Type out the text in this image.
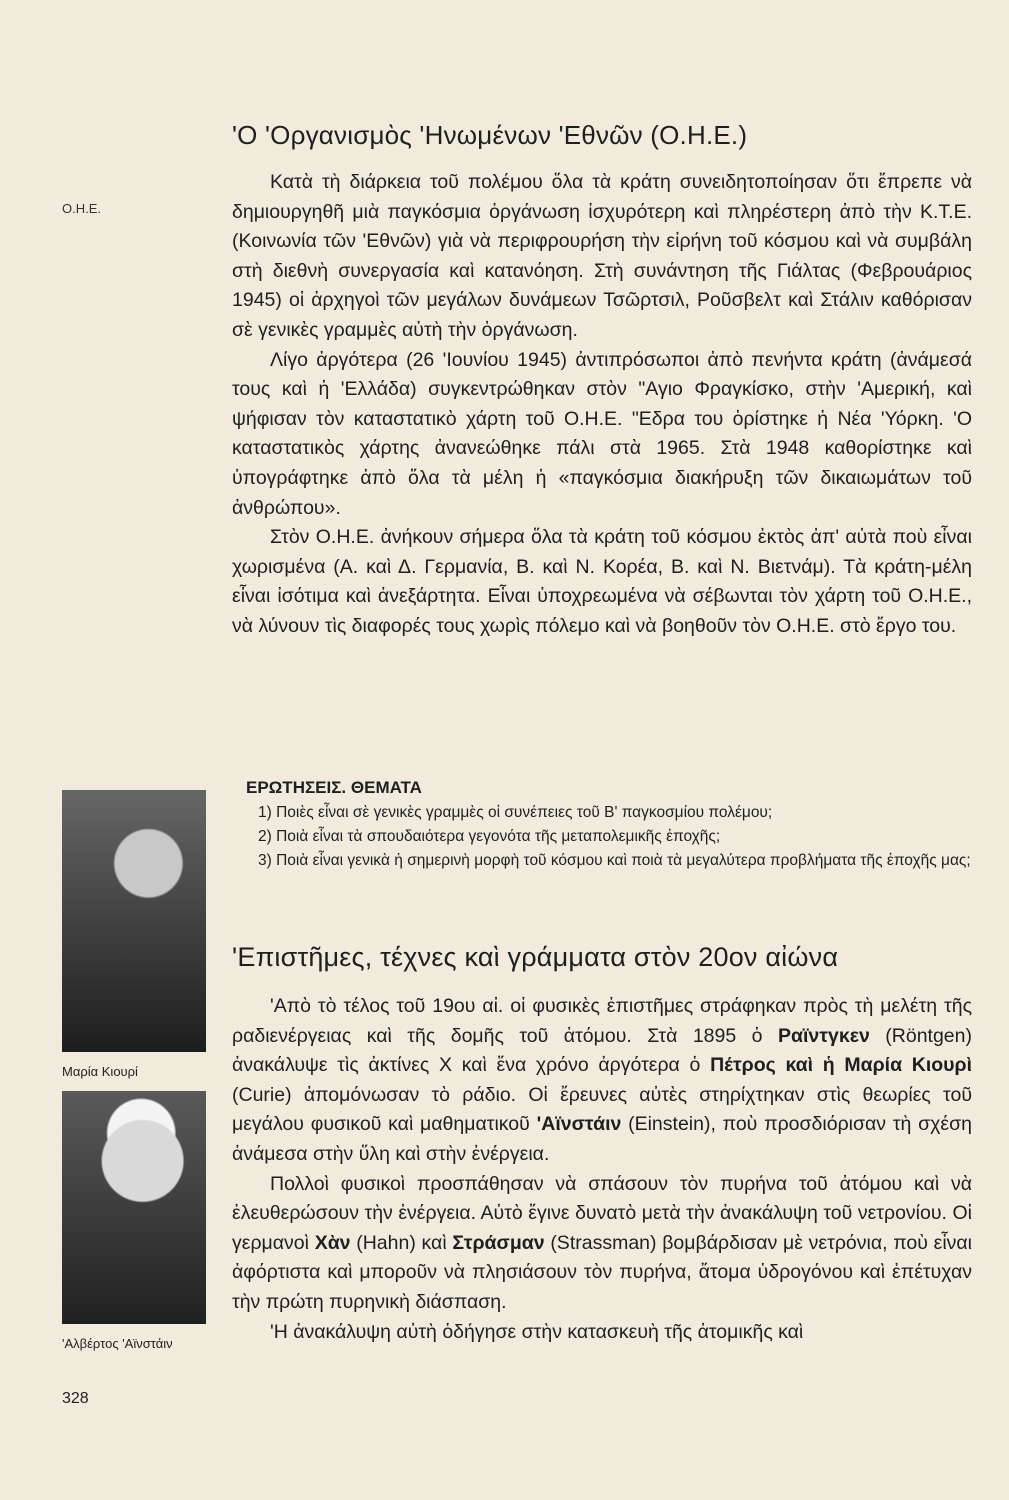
Ο.Η.Ε.
'Ο 'Οργανισμὸς 'Ηνωμένων 'Εθνῶν (Ο.Η.Ε.)

Κατὰ τὴ διάρκεια τοῦ πολέμου ὅλα τὰ κράτη συνειδητοποίησαν ὅτι ἔπρεπε νὰ δημιουργηθῆ μιὰ παγκόσμια ὀργάνωση ἰσχυρότερη καὶ πληρέστερη ἀπὸ τὴν Κ.Τ.Ε. (Κοινωνία τῶν 'Εθνῶν) γιὰ νὰ περιφρουρήση τὴν εἰρήνη τοῦ κόσμου καὶ νὰ συμβάλη στὴ διεθνὴ συνεργασία καὶ κατανόηση. Στὴ συνάντηση τῆς Γιάλτας (Φεβρουάριος 1945) οἱ ἀρχηγοὶ τῶν μεγάλων δυνάμεων Τσῶρτσιλ, Ροῦσβελτ καὶ Στάλιν καθόρισαν σὲ γενικὲς γραμμὲς αὐτὴ τὴν ὀργάνωση.

Λίγο ἀργότερα (26 'Ιουνίου 1945) ἀντιπρόσωποι ἀπὸ πενήντα κράτη (ἀνάμεσά τους καὶ ἡ 'Ελλάδα) συγκεντρώθηκαν στὸν "Αγιο Φραγκίσκο, στὴν 'Αμερική, καὶ ψήφισαν τὸν καταστατικὸ χάρτη τοῦ Ο.Η.Ε. "Εδρα του ὁρίστηκε ἡ Νέα 'Υόρκη. 'Ο καταστατικὸς χάρτης ἀνανεώθηκε πάλι στὰ 1965. Στὰ 1948 καθορίστηκε καὶ ὑπογράφτηκε ἀπὸ ὅλα τὰ μέλη ἡ «παγκόσμια διακήρυξη τῶν δικαιωμάτων τοῦ ἀνθρώπου».

Στὸν Ο.Η.Ε. ἀνήκουν σήμερα ὅλα τὰ κράτη τοῦ κόσμου ἐκτὸς ἀπ' αὐτὰ ποὺ εἶναι χωρισμένα (Α. καὶ Δ. Γερμανία, Β. καὶ Ν. Κορέα, Β. καὶ Ν. Βιετνάμ). Τὰ κράτη-μέλη εἶναι ἰσότιμα καὶ ἀνεξάρτητα. Εἶναι ὑποχρεωμένα νὰ σέβωνται τὸν χάρτη τοῦ Ο.Η.Ε., νὰ λύνουν τὶς διαφορές τους χωρὶς πόλεμο καὶ νὰ βοηθοῦν τὸν Ο.Η.Ε. στὸ ἔργο του.

ΕΡΩΤΗΣΕΙΣ. ΘΕΜΑΤΑ

1) Ποιὲς εἶναι σὲ γενικὲς γραμμὲς οἱ συνέπειες τοῦ Β' παγκοσμίου πολέμου;

2) Ποιὰ εἶναι τὰ σπουδαιότερα γεγονότα τῆς μεταπολεμικῆς ἐποχῆς;

3) Ποιὰ εἶναι γενικὰ ἡ σημερινὴ μορφὴ τοῦ κόσμου καὶ ποιὰ τὰ μεγαλύτερα προβλήματα τῆς ἐποχῆς μας;

Μαρία Κιουρί
'Αλβέρτος 'Αϊνστάιν
'Επιστῆμες, τέχνες καὶ γράμματα στὸν 20ον αἰώνα

'Απὸ τὸ τέλος τοῦ 19ου αἰ. οἱ φυσικὲς ἐπιστῆμες στράφηκαν πρὸς τὴ μελέτη τῆς ραδιενέργειας καὶ τῆς δομῆς τοῦ ἀτόμου. Στὰ 1895 ὁ Ραϊντγκεν (Röntgen) ἀνακάλυψε τὶς ἀκτίνες Χ καὶ ἕνα χρόνο ἀργότερα ὁ Πέτρος καὶ ἡ Μαρία Κιουρὶ (Curie) ἀπομόνωσαν τὸ ράδιο. Οἱ ἔρευνες αὐτὲς στηρίχτηκαν στὶς θεωρίες τοῦ μεγάλου φυσικοῦ καὶ μαθηματικοῦ 'Αϊνστάιν (Einstein), ποὺ προσδιόρισαν τὴ σχέση ἀνάμεσα στὴν ὕλη καὶ στὴν ἐνέργεια.

Πολλοὶ φυσικοὶ προσπάθησαν νὰ σπάσουν τὸν πυρήνα τοῦ ἀτόμου καὶ νὰ ἐλευθερώσουν τὴν ἐνέργεια. Αὐτὸ ἔγινε δυνατὸ μετὰ τὴν ἀνακάλυψη τοῦ νετρονίου. Οἱ γερμανοὶ Χὰν (Hahn) καὶ Στράσμαν (Strassman) βομβάρδισαν μὲ νετρόνια, ποὺ εἶναι ἀφόρτιστα καὶ μποροῦν νὰ πλησιάσουν τὸν πυρήνα, ἄτομα ὑδρογόνου καὶ ἐπέτυχαν τὴν πρώτη πυρηνικὴ διάσπαση.

'Η ἀνακάλυψη αὐτὴ ὁδήγησε στὴν κατασκευὴ τῆς ἀτομικῆς καὶ

328
